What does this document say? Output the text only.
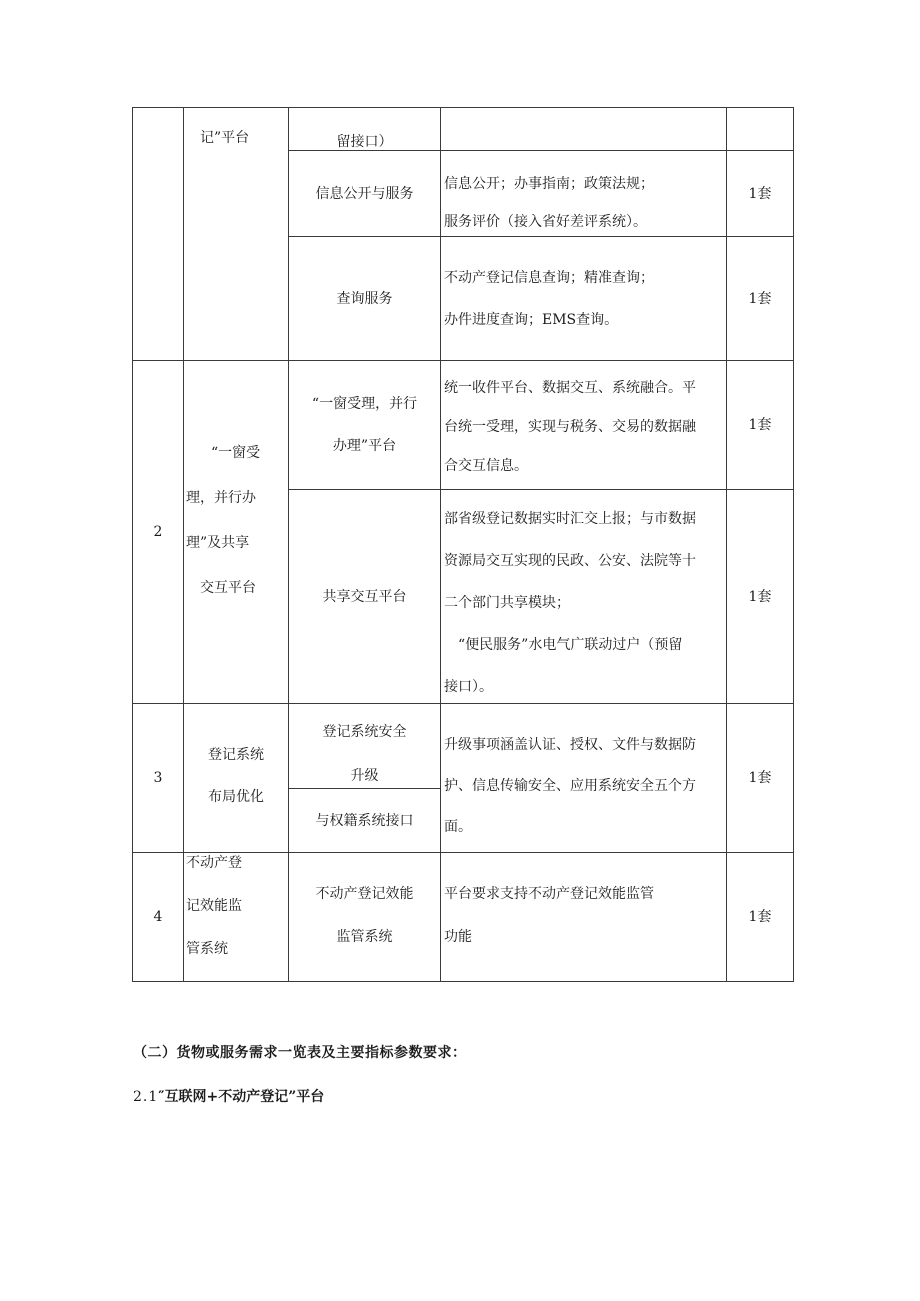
记”平台	留接口）
信息公开与服务
信息公开；办事指南；政策法规；
服务评价（接入省好差评系统）。
1套
查询服务
不动产登记信息查询；精准查询；
办件进度查询；EMS查询。
1套
2
“一窗受
理，并行办
理”及共享
交互平台
“一窗受理，并行
办理”平台
统一收件平台、数据交互、系统融合。平
台统一受理，实现与税务、交易的数据融
合交互信息。
1套
共享交互平台
部省级登记数据实时汇交上报；与市数据
资源局交互实现的民政、公安、法院等十
二个部门共享模块；
“便民服务”水电气广联动过户（预留
接口）。
1套
3
登记系统
布局优化
登记系统安全
升级
与权籍系统接口
升级事项涵盖认证、授权、文件与数据防
护、信息传输安全、应用系统安全五个方
面。
1套
4
不动产登
记效能监
管系统
不动产登记效能
监管系统
平台要求支持不动产登记效能监管
功能
1套
（二）货物或服务需求一览表及主要指标参数要求：
2.1″互联网+不动产登记”平台
